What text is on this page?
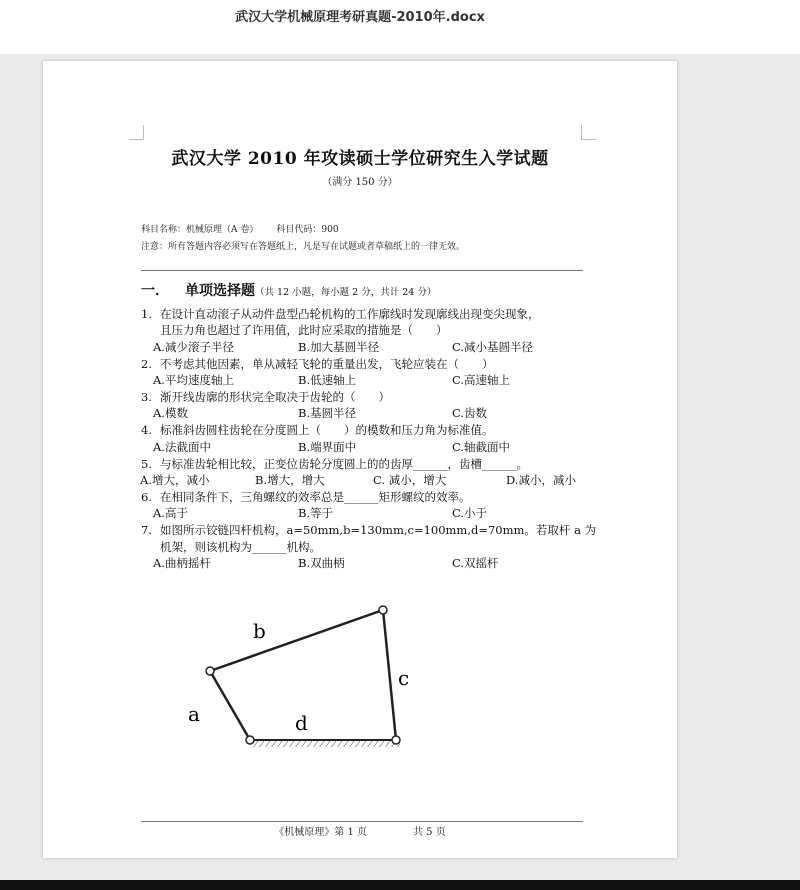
武汉大学机械原理考研真题-2010年.docx
武汉大学 2010 年攻读硕士学位研究生入学试题
（满分 150 分）
科目名称：机械原理（A 卷） 科目代码：900
注意：所有答题内容必须写在答题纸上，凡是写在试题或者草稿纸上的一律无效。
一． 单项选择题（共 12 小题，每小题 2 分，共计 24 分）
1. 在设计直动滚子从动件盘型凸轮机构的工作廓线时发现廓线出现变尖现象，
且压力角也超过了许用值，此时应采取的措施是（　　）
A.减少滚子半径	B.加大基圆半径	C.减小基圆半径
2. 不考虑其他因素，单从减轻飞轮的重量出发，飞轮应装在（　　）
A.平均速度轴上	B.低速轴上	C.高速轴上
3. 渐开线齿廓的形状完全取决于齿轮的（　　）
A.模数	B.基圆半径	C.齿数
4. 标准斜齿圆柱齿轮在分度圆上（　　）的模数和压力角为标准值。
A.法截面中	B.端界面中	C.轴截面中
5. 与标准齿轮相比较，正变位齿轮分度圆上的的齿厚______，齿槽______。
A.增大，减小	B.增大，增大	C. 减小，增大	D.减小，减小
6. 在相同条件下，三角螺纹的效率总是______矩形螺纹的效率。
A.高于	B.等于	C.小于
7. 如图所示铰链四杆机构，a=50mm,b=130mm,c=100mm,d=70mm。若取杆 a 为
机架，则该机构为______机构。
A.曲柄摇杆	B.双曲柄	C.双摇杆
b
c
a	d
《机械原理》第 1 页	共 5 页
